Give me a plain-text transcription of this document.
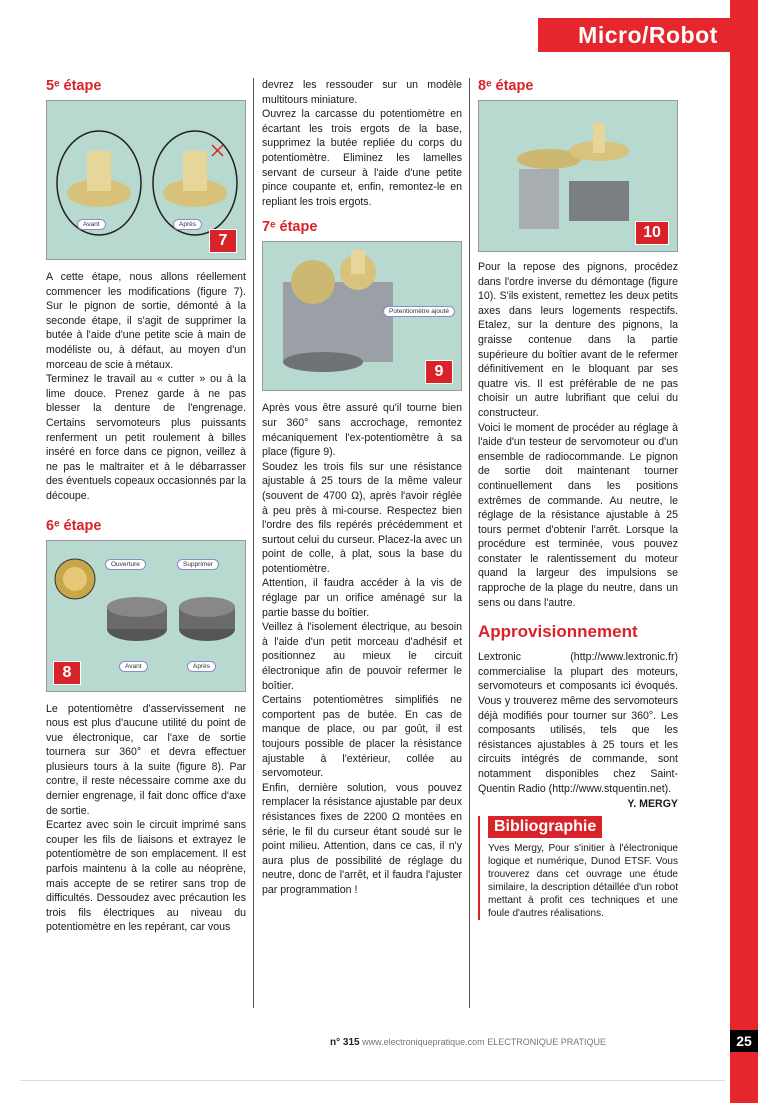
Micro/Robot
25
5ᵉ étape
Avant	Après
7

A cette étape, nous allons réellement commencer les modifications (figure 7). Sur le pignon de sortie, démonté à la seconde étape, il s'agit de supprimer la butée à l'aide d'une petite scie à main de modéliste ou, à défaut, au moyen d'un morceau de scie à métaux.

Terminez le travail au « cutter » ou à la lime douce. Prenez garde à ne pas blesser la denture de l'engrenage. Certains servomoteurs plus puissants renferment un petit roulement à billes inséré en force dans ce pignon, veillez à ne pas le maltraiter et à le débarrasser des éventuels copeaux occasionnés par la découpe.

6ᵉ étape
Ouverture	Supprimer
Avant	Après
8

Le potentiomètre d'asservissement ne nous est plus d'aucune utilité du point de vue électronique, car l'axe de sortie tournera sur 360° et devra effectuer plusieurs tours à la suite (figure 8). Par contre, il reste nécessaire comme axe du dernier engrenage, il fait donc office d'axe de sortie.

Ecartez avec soin le circuit imprimé sans couper les fils de liaisons et extrayez le potentiomètre de son emplacement. Il est parfois maintenu à la colle au néoprène, mais accepte de se retirer sans trop de difficultés. Dessoudez avec précaution les trois fils électriques au niveau du potentiomètre en les repérant, car vous

devrez les ressouder sur un modèle multitours miniature.

Ouvrez la carcasse du potentiomètre en écartant les trois ergots de la base, supprimez la butée repliée du corps du potentiomètre. Eliminez les lamelles servant de curseur à l'aide d'une petite pince coupante et, enfin, remontez-le en repliant les trois ergots.

7ᵉ étape
Potentiomètre ajouté
9

Après vous être assuré qu'il tourne bien sur 360° sans accrochage, remontez mécaniquement l'ex-potentiomètre à sa place (figure 9).

Soudez les trois fils sur une résistance ajustable à 25 tours de la même valeur (souvent de 4700 Ω), après l'avoir réglée à peu près à mi-course. Respectez bien l'ordre des fils repérés précédemment et surtout celui du curseur. Placez-la avec un point de colle, à plat, sous la base du potentiomètre.

Attention, il faudra accéder à la vis de réglage par un orifice aménagé sur la partie basse du boîtier.

Veillez à l'isolement électrique, au besoin à l'aide d'un petit morceau d'adhésif et positionnez au mieux le circuit électronique afin de pouvoir refermer le boîtier.

Certains potentiomètres simplifiés ne comportent pas de butée. En cas de manque de place, ou par goût, il est toujours possible de placer la résistance ajustable à l'extérieur, collée au servomoteur.

Enfin, dernière solution, vous pouvez remplacer la résistance ajustable par deux résistances fixes de 2200 Ω montées en série, le fil du curseur étant soudé sur le point milieu. Attention, dans ce cas, il n'y aura plus de possibilité de réglage du neutre, donc de l'arrêt, et il faudra l'ajuster par programmation !

8ᵉ étape
10

Pour la repose des pignons, procédez dans l'ordre inverse du démontage (figure 10). S'ils existent, remettez les deux petits axes dans leurs logements respectifs. Etalez, sur la denture des pignons, la graisse contenue dans la partie supérieure du boîtier avant de le refermer définitivement en le bloquant par ses quatre vis. Il est préférable de ne pas choisir un autre lubrifiant que celui du constructeur.

Voici le moment de procéder au réglage à l'aide d'un testeur de servomoteur ou d'un ensemble de radiocommande. Le pignon de sortie doit maintenant tourner continuellement dans les positions extrêmes de commande. Au neutre, le réglage de la résistance ajustable à 25 tours permet d'obtenir l'arrêt. Lorsque la procédure est terminée, vous pouvez constater le ralentissement du moteur quand la largeur des impulsions se rapproche de la plage du neutre, dans un sens ou dans l'autre.

Approvisionnement

Lextronic (http://www.lextronic.fr) commercialise la plupart des moteurs, servomoteurs et composants ici évoqués. Vous y trouverez même des servomoteurs déjà modifiés pour tourner sur 360°. Les composants utilisés, tels que les résistances ajustables à 25 tours et les circuits intégrés de commande, sont notamment disponibles chez Saint-Quentin Radio (http://www.stquentin.net).

Y. MERGY
Bibliographie

Yves Mergy, Pour s'initier à l'électronique logique et numérique, Dunod ETSF. Vous trouverez dans cet ouvrage une étude similaire, la description détaillée d'un robot mettant à profit ces techniques et une foule d'autres réalisations.

n° 315 www.electroniquepratique.com ELECTRONIQUE PRATIQUE
